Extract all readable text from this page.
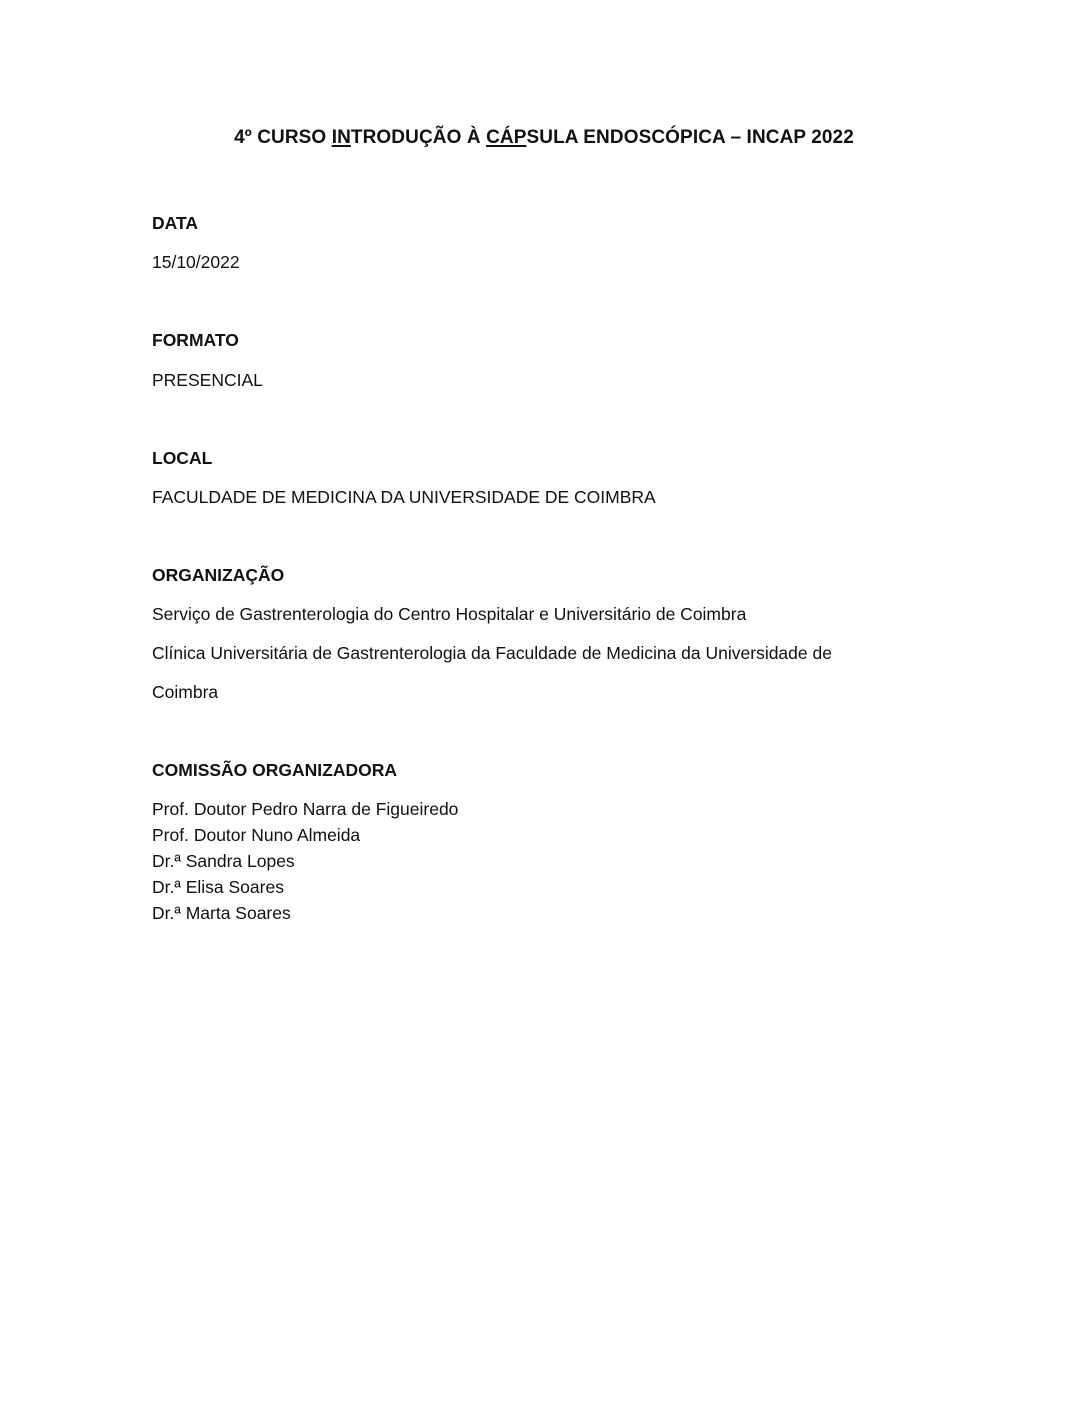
4º CURSO INTRODUÇÃO À CÁPSULA ENDOSCÓPICA – INCAP 2022
DATA
15/10/2022
FORMATO
PRESENCIAL
LOCAL
FACULDADE DE MEDICINA DA UNIVERSIDADE DE COIMBRA
ORGANIZAÇÃO
Serviço de Gastrenterologia do Centro Hospitalar e Universitário de Coimbra
Clínica Universitária de Gastrenterologia da Faculdade de Medicina da Universidade de
Coimbra
COMISSÃO ORGANIZADORA
Prof. Doutor Pedro Narra de Figueiredo
Prof. Doutor Nuno Almeida
Dr.ª Sandra Lopes
Dr.ª Elisa Soares
Dr.ª Marta Soares
